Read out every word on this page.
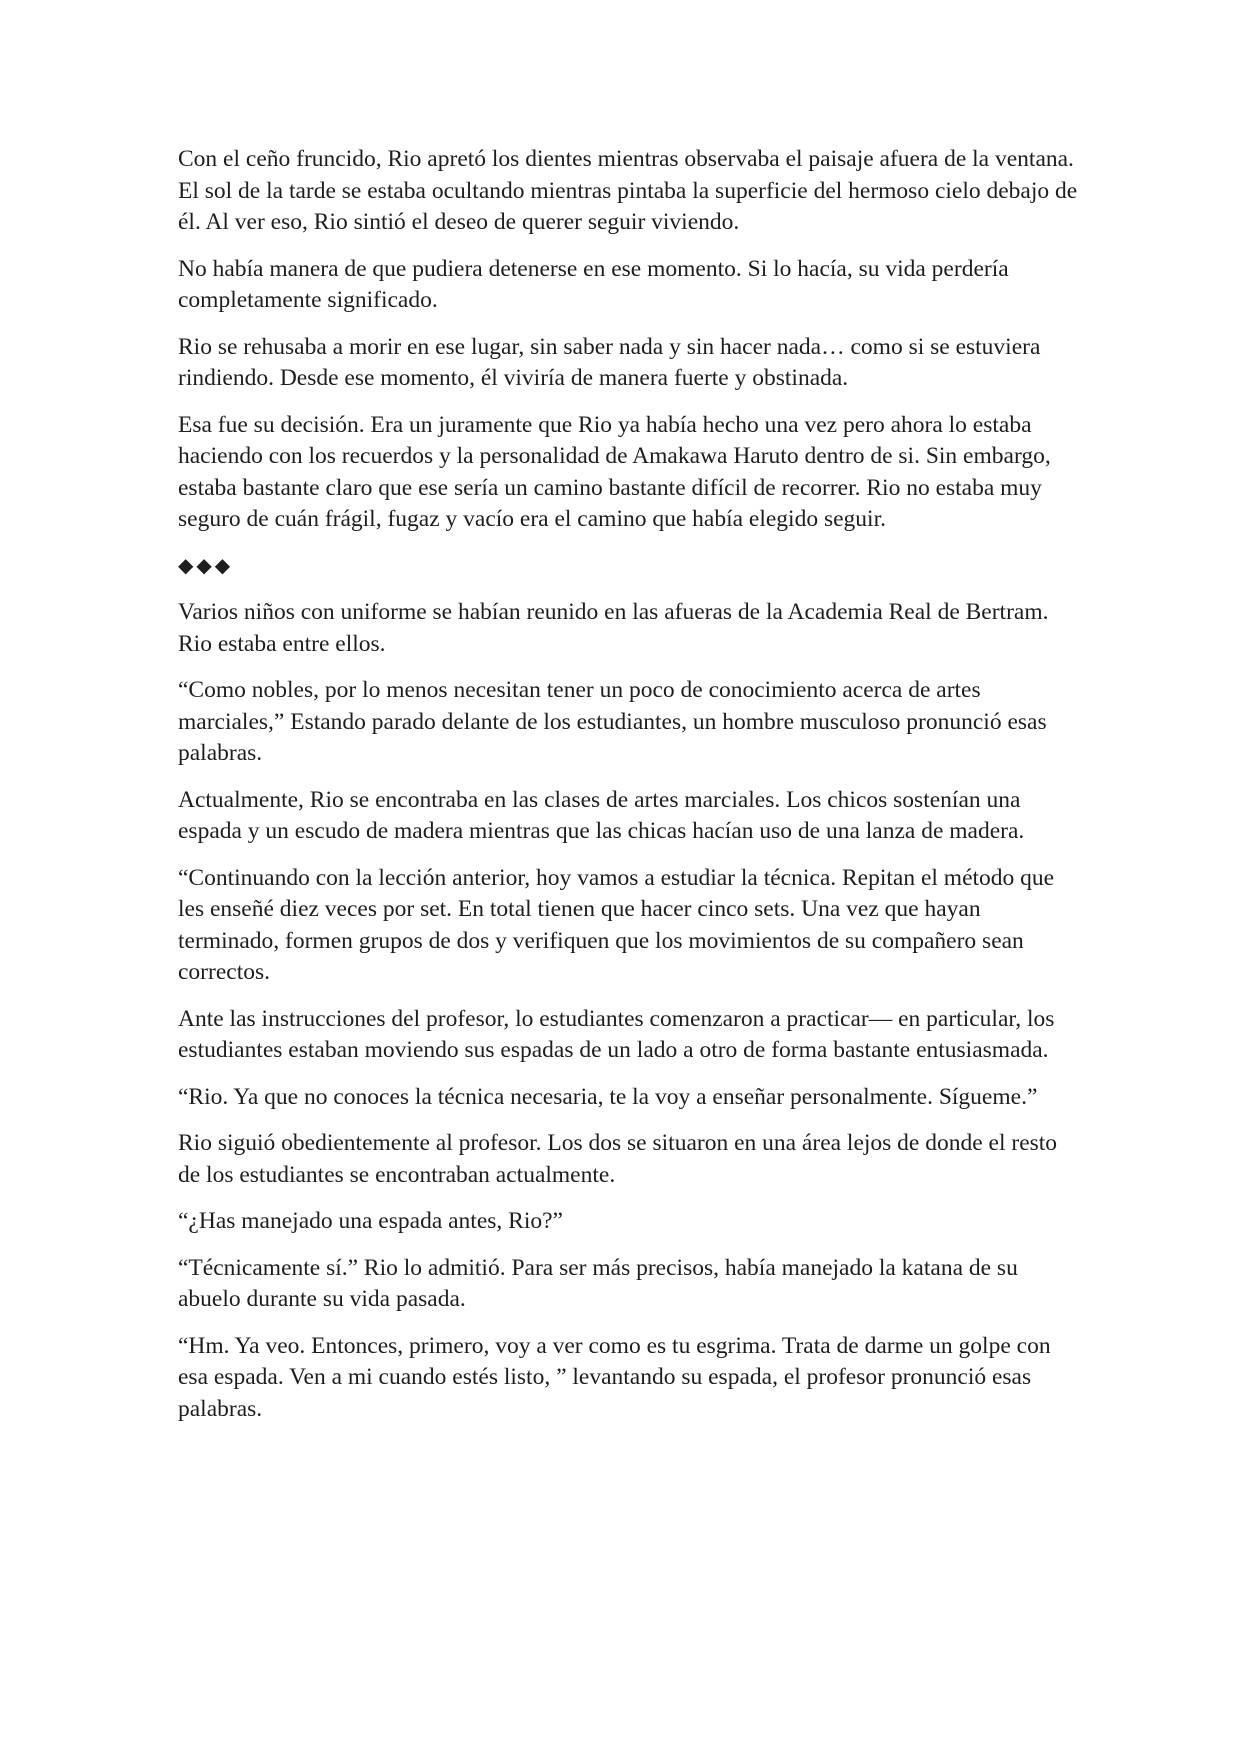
Con el ceño fruncido, Rio apretó los dientes mientras observaba el paisaje afuera de la ventana. El sol de la tarde se estaba ocultando mientras pintaba la superficie del hermoso cielo debajo de él. Al ver eso, Rio sintió el deseo de querer seguir viviendo.

No había manera de que pudiera detenerse en ese momento. Si lo hacía, su vida perdería completamente significado.

Rio se rehusaba a morir en ese lugar, sin saber nada y sin hacer nada… como si se estuviera rindiendo. Desde ese momento, él viviría de manera fuerte y obstinada.

Esa fue su decisión. Era un juramente que Rio ya había hecho una vez pero ahora lo estaba haciendo con los recuerdos y la personalidad de Amakawa Haruto dentro de si. Sin embargo, estaba bastante claro que ese sería un camino bastante difícil de recorrer. Rio no estaba muy seguro de cuán frágil, fugaz y vacío era el camino que había elegido seguir.

◆◆◆

Varios niños con uniforme se habían reunido en las afueras de la Academia Real de Bertram. Rio estaba entre ellos.

“Como nobles, por lo menos necesitan tener un poco de conocimiento acerca de artes marciales,” Estando parado delante de los estudiantes, un hombre musculoso pronunció esas palabras.

Actualmente, Rio se encontraba en las clases de artes marciales. Los chicos sostenían una espada y un escudo de madera mientras que las chicas hacían uso de una lanza de madera.

“Continuando con la lección anterior, hoy vamos a estudiar la técnica. Repitan el método que les enseñé diez veces por set. En total tienen que hacer cinco sets. Una vez que hayan terminado, formen grupos de dos y verifiquen que los movimientos de su compañero sean correctos.

Ante las instrucciones del profesor, lo estudiantes comenzaron a practicar— en particular, los estudiantes estaban moviendo sus espadas de un lado a otro de forma bastante entusiasmada.

“Rio. Ya que no conoces la técnica necesaria, te la voy a enseñar personalmente. Sígueme.”

Rio siguió obedientemente al profesor. Los dos se situaron en una área lejos de donde el resto de los estudiantes se encontraban actualmente.

“¿Has manejado una espada antes, Rio?”

“Técnicamente sí.” Rio lo admitió. Para ser más precisos, había manejado la katana de su abuelo durante su vida pasada.

“Hm. Ya veo. Entonces, primero, voy a ver como es tu esgrima. Trata de darme un golpe con esa espada. Ven a mi cuando estés listo, ” levantando su espada, el profesor pronunció esas palabras.
